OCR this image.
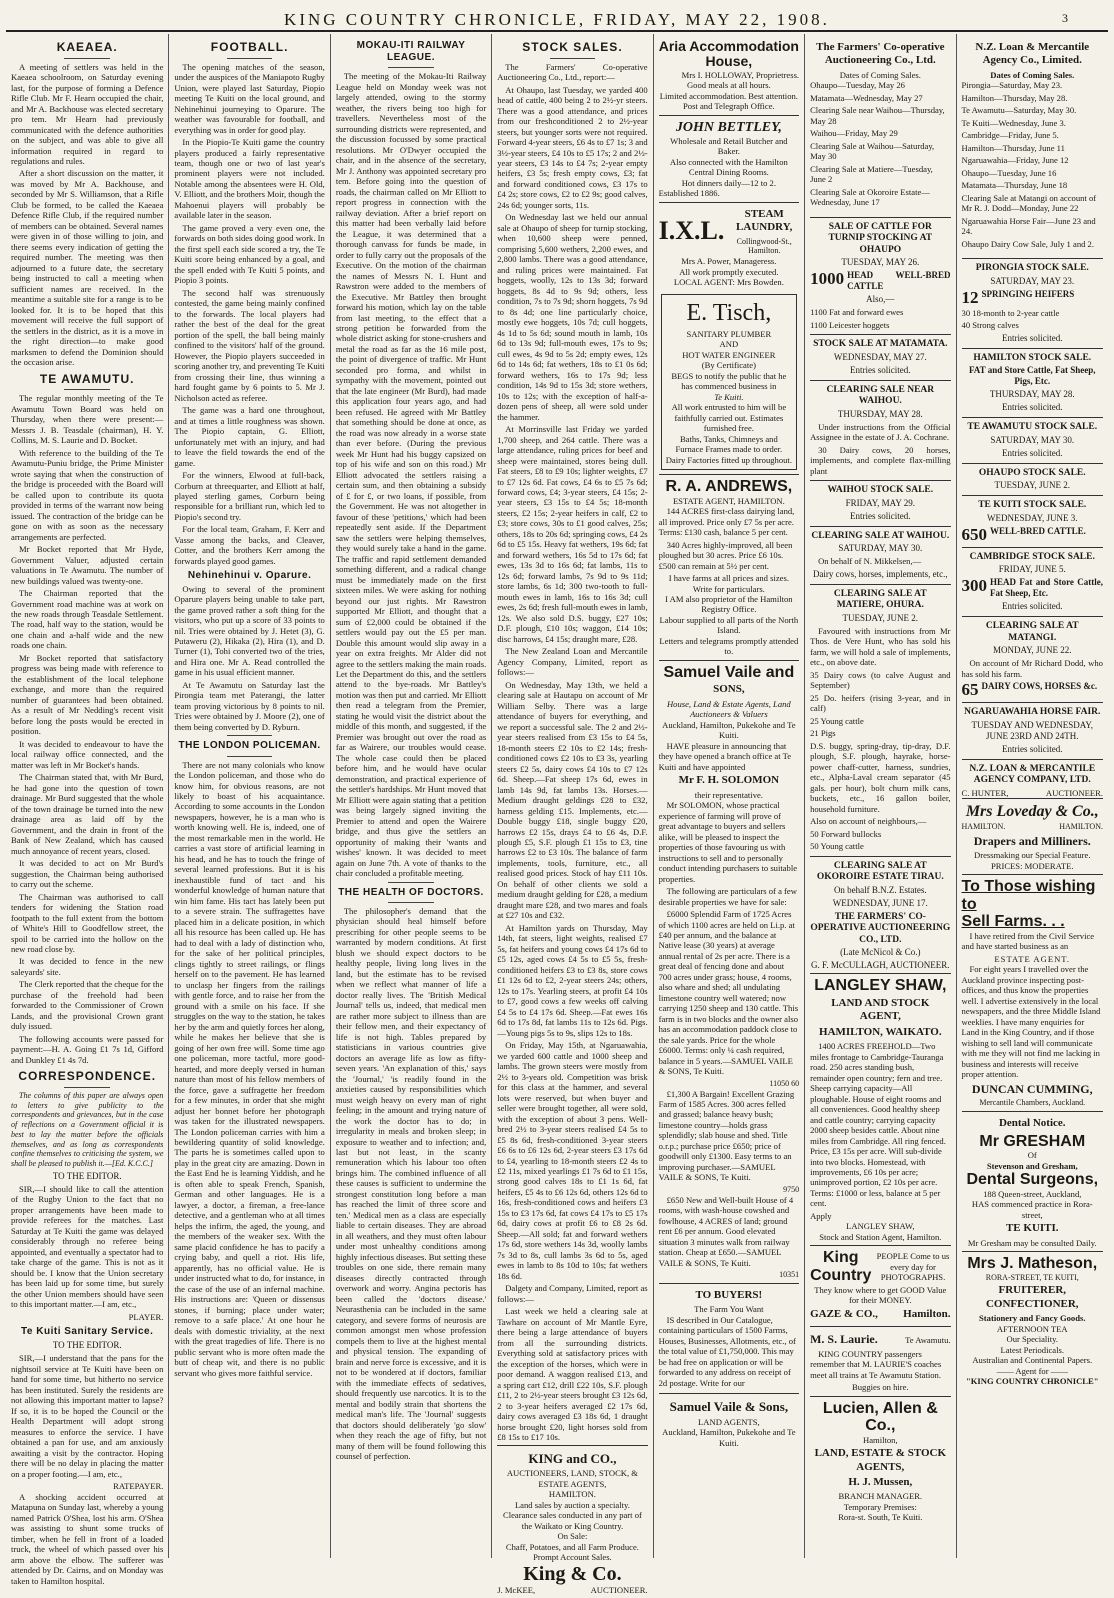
KING COUNTRY CHRONICLE, FRIDAY, MAY 22, 1908.	3
KAEAEA.

A meeting of settlers was held in the Kaeaea schoolroom, on Saturday evening last, for the purpose of forming a Defence Rifle Club. Mr F. Hearn occupied the chair, and Mr A. Backhouse was elected secretary pro tem. Mr Hearn had previously communicated with the defence authorities on the subject, and was able to give all information required in regard to regulations and rules.

After a short discussion on the matter, it was moved by Mr A. Backhouse, and seconded by Mr S. Williamson, that a Rifle Club be formed, to be called the Kaeaea Defence Rifle Club, if the required number of members can be obtained. Several names were given in of those willing to join, and there seems every indication of getting the required number. The meeting was then adjourned to a future date, the secretary being instructed to call a meeting when sufficient names are received. In the meantime a suitable site for a range is to be looked for. It is to be hoped that this movement will receive the full support of the settlers in the district, as it is a move in the right direction—to make good marksmen to defend the Dominion should the occasion arise.

TE AWAMUTU.

The regular monthly meeting of the Te Awamutu Town Board was held on Thursday, when there were present:—Messrs J. B. Teasdale (chairman), H. Y. Collins, M. S. Laurie and D. Bocket.

With reference to the building of the Te Awamutu-Puniu bridge, the Prime Minister wrote saying that when the construction of the bridge is proceeded with the Board will be called upon to contribute its quota provided in terms of the warrant now being issued. The contraction of the bridge can be gone on with as soon as the necessary arrangements are perfected.

Mr Bocket reported that Mr Hyde, Government Valuer, adjusted certain valuations in Te Awamutu. The number of new buildings valued was twenty-one.

The Chairman reported that the Government road machine was at work on the new roads through Teasdale Settlement. The road, half way to the station, would be one chain and a-half wide and the new roads one chain.

Mr Bocket reported that satisfactory progress was being made with reference to the establishment of the local telephone exchange, and more than the required number of guarantees had been obtained. As a result of Mr Nedding's recent visit before long the posts would be erected in position.

It was decided to endeavour to have the local railway office connected, and the matter was left in Mr Bocket's hands.

The Chairman stated that, with Mr Burd, he had gone into the question of town drainage. Mr Burd suggested that the whole of the town drainage be turned into the new drainage area as laid off by the Government, and the drain in front of the Bank of New Zealand, which has caused much annoyance of recent years, closed.

It was decided to act on Mr Burd's suggestion, the Chairman being authorised to carry out the scheme.

The Chairman was authorised to call tenders for widening the Station road footpath to the full extent from the bottom of White's Hill to Goodfellow street, the spoil to be carried into the hollow on the new road close by.

It was decided to fence in the new saleyards' site.

The Clerk reported that the cheque for the purchase of the freehold had been forwarded to the Commissioner of Crown Lands, and the provisional Crown grant duly issued.

The following accounts were passed for payment:—H. A. Going £1 7s 1d, Gifford and Dunkley £1 4s 7d.

CORRESPONDENCE.

The columns of this paper are always open to letters to give publicity to the correspondents and grievances, but in the case of reflections on a Government official it is best to lay the matter before the officials themselves, and as long as correspondents confine themselves to criticising the system, we shall be pleased to publish it.—[Ed. K.C.C.]

TO THE EDITOR.

SIR,—I should like to call the attention of the Rugby Union to the fact that no proper arrangements have been made to provide referees for the matches. Last Saturday at Te Kuiti the game was delayed considerably through no referee being appointed, and eventually a spectator had to take charge of the game. This is not as it should be. I know that the Union secretary has been laid up for some time, but surely the other Union members should have seen to this important matter.—I am, etc.,

PLAYER.
Te Kuiti Sanitary Service.
TO THE EDITOR.

SIR,—I understand that the pans for the nightsoil service at Te Kuiti have been on hand for some time, but hitherto no service has been instituted. Surely the residents are not allowing this important matter to lapse? If so, it is to be hoped the Council or the Health Department will adopt strong measures to enforce the service. I have obtained a pan for use, and am anxiously awaiting a visit by the contractor. Hoping there will be no delay in placing the matter on a proper footing.—I am, etc.,

RATEPAYER.

A shocking accident occurred at Matapuna on Sunday last, whereby a young named Patrick O'Shea, lost his arm. O'Shea was assisting to shunt some trucks of timber, when he fell in front of a loaded truck, the wheel of which passed over his arm above the elbow. The sufferer was attended by Dr. Cairns, and on Monday was taken to Hamilton hospital.

FOOTBALL.

The opening matches of the season, under the auspices of the Maniapoto Rugby Union, were played last Saturday, Piopio meeting Te Kuiti on the local ground, and Nehinehinui journeying to Oparure. The weather was favourable for football, and everything was in order for good play.

In the Piopio-Te Kuiti game the country players produced a fairly representative team, though one or two of last year's prominent players were not included. Notable among the absentees were H. Old, V. Elliott, and the brothers Moir, though the Mahoenui players will probably be available later in the season.

The game proved a very even one, the forwards on both sides doing good work. In the first spell each side scored a try, the Te Kuiti score being enhanced by a goal, and the spell ended with Te Kuiti 5 points, and Piopio 3 points.

The second half was strenuously contested, the game being mainly confined to the forwards. The local players had rather the best of the deal for the great portion of the spell, the ball being mainly confined to the visitors' half of the ground. However, the Piopio players succeeded in scoring another try, and preventing Te Kuiti from crossing their line, thus winning a hard fought game by 6 points to 5. Mr J. Nicholson acted as referee.

The game was a hard one throughout, and at times a little roughness was shown. The Piopio captain, G. Elliott, unfortunately met with an injury, and had to leave the field towards the end of the game.

For the winners, Elwood at full-back, Corburn at threequarter, and Elliott at half, played sterling games, Corburn being responsible for a brilliant run, which led to Piopio's second try.

For the local team, Graham, F. Kerr and Vasse among the backs, and Cleaver, Cotter, and the brothers Kerr among the forwards played good games.

Nehinehinui v. Oparure.

Owing to several of the prominent Oparure players being unable to take part, the game proved rather a soft thing for the visitors, who put up a score of 33 points to nil. Tries were obtained by J. Hetet (3), G. Putaweru (2), Hikaka (2), Hira (1), and D. Turner (1), Tohi converted two of the tries, and Hira one. Mr A. Read controlled the game in his usual efficient manner.

At Te Awamutu on Saturday last the Pirongia team met Paterangi, the latter team proving victorious by 8 points to nil. Tries were obtained by J. Moore (2), one of them being converted by D. Ryburn.

THE LONDON POLICEMAN.

There are not many colonials who know the London policeman, and those who do know him, for obvious reasons, are not likely to boast of his acquaintance. According to some accounts in the London newspapers, however, he is a man who is worth knowing well. He is, indeed, one of the most remarkable men in the world. He carries a vast store of artificial learning in his head, and he has to touch the fringe of several learned professions. But it is his inexhaustible fund of tact and his wonderful knowledge of human nature that win him fame. His tact has lately been put to a severe strain. The suffragettes have placed him in a delicate position, in which all his resource has been called up. He has had to deal with a lady of distinction who, for the sake of her political principles, clings tightly to street railings, or flings herself on to the pavement. He has learned to unclasp her fingers from the railings with gentle force, and to raise her from the ground with a smile on his face. If she struggles on the way to the station, he takes her by the arm and quietly forces her along, while he makes her believe that she is going of her own free will. Some time ago one policeman, more tactful, more good-hearted, and more deeply versed in human nature than most of his fellow members of the force, gave a suffragette her freedom for a few minutes, in order that she might adjust her bonnet before her photograph was taken for the illustrated newspapers. The London policeman carries with him a bewildering quantity of solid knowledge. The parts he is sometimes called upon to play in the great city are amazing. Down in the East End he is learning Yiddish, and he is often able to speak French, Spanish, German and other languages. He is a lawyer, a doctor, a fireman, a free-lance detective, and a gentleman who at all times helps the infirm, the aged, the young, and the members of the weaker sex. With the same placid confidence he has to pacify a crying baby, and quell a riot. His life, apparently, has no official value. He is under instructed what to do, for instance, in the case of the use of an infernal machine. His instructions are: 'Queen or dissensus stones, if burning; place under water; remove to a safe place.' At one hour he deals with domestic triviality, at the next with the great tragedies of life. There is no public servant who is more often made the butt of cheap wit, and there is no public servant who gives more faithful service.

MOKAU-ITI RAILWAY LEAGUE.

The meeting of the Mokau-Iti Railway League held on Monday week was not largely attended, owing to the stormy weather, the rivers being too high for travellers. Nevertheless most of the surrounding districts were represented, and the discussion focussed by some practical resolutions. Mr O'Dwyer occupied the chair, and in the absence of the secretary, Mr J. Anthony was appointed secretary pro tem. Before going into the question of roads, the chairman called on Mr Elliott to report progress in connection with the railway deviation. After a brief report on this matter had been verbally laid before the League, it was determined that a thorough canvass for funds be made, in order to fully carry out the proposals of the Executive. On the motion of the chairman the names of Messrs N. I. Hunt and Rawstron were added to the members of the Executive. Mr Battley then brought forward his motion, which lay on the table from last meeting, to the effect that a strong petition be forwarded from the whole district asking for stone-crushers and metal the road as far as the 16 mile post, the point of divergence of traffic. Mr Hunt seconded pro forma, and whilst in sympathy with the movement, pointed out that the late engineer (Mr Burd), had made this application four years ago, and had been refused. He agreed with Mr Battley that something should be done at once, as the road was now already in a worse state than ever before. (During the previous week Mr Hunt had his buggy capsized on top of his wife and son on this road.) Mr Elliott advocated the settlers raising a certain sum, and then obtaining a subsidy of £ for £, or two loans, if possible, from the Government. He was not altogether in favour of these 'petitions,' which had been repeatedly sent aside. If the Department saw the settlers were helping themselves, they would surely take a hand in the game. The traffic and rapid settlement demanded something different, and a radical change must be immediately made on the first sixteen miles. We were asking for nothing beyond our just rights. Mr Rawstron supported Mr Elliott, and thought that a sum of £2,000 could be obtained if the settlers would pay out the £5 per man. Double this amount would slip away in a year on extra freights. Mr Alder did not agree to the settlers making the main roads. Let the Department do this, and the settlers attend to the bye-roads. Mr Battley's motion was then put and carried. Mr Elliott then read a telegram from the Premier, stating he would visit the district about the middle of this month, and suggested, if the Premier was brought out over the road as far as Wairere, our troubles would cease. The whole case could then be placed before him, and he would have ocular demonstration, and practical experience of the settler's hardships. Mr Hunt moved that Mr Elliott were again stating that a petition was being largely signed inviting the Premier to attend and open the Wairere bridge, and thus give the settlers an opportunity of making their 'wants and wishes' known. It was decided to meet again on June 7th. A vote of thanks to the chair concluded a profitable meeting.

THE HEALTH OF DOCTORS.

The philosopher's demand that the physician should heal himself before prescribing for other people seems to be warranted by modern conditions. At first blush we should expect doctors to be healthy people, living long lives in the land, but the estimate has to be revised when we reflect what manner of life a doctor really lives. The 'British Medical Journal' tells us, indeed, that medical men are rather more subject to illness than are their fellow men, and their expectancy of life is not high. Tables prepared by statisticians in various countries give doctors an average life as low as fifty-seven years. 'An explanation of this,' says the 'Journal,' 'is readily found in the anxieties caused by responsibilities which must weigh heavy on every man of right feeling; in the amount and trying nature of the work the doctor has to do; in irregularity in meals and broken sleep; in exposure to weather and to infection; and, last but not least, in the scanty remuneration which his labour too often brings him. The combined influence of all these causes is sufficient to undermine the strongest constitution long before a man has reached the limit of three score and ten.' Medical men as a class are especially liable to certain diseases. They are abroad in all weathers, and they must often labour under most unhealthy conditions among highly infectious diseases. But setting these troubles on one side, there remain many diseases directly contracted through overwork and worry. Angina pectoris has been called the 'doctors disease.' Neurasthenia can be included in the same category, and severe forms of neurosis are common amongst men whose profession compels them to live at the highest mental and physical tension. The expanding of brain and nerve force is excessive, and it is not to be wondered at if doctors, familiar with the immediate effects of sedatives, should frequently use narcotics. It is to the mental and bodily strain that shortens the medical man's life. The 'Journal' suggests that doctors should deliberately 'go slow' when they reach the age of fifty, but not many of them will be found following this counsel of perfection.

STOCK SALES.

The Farmers' Co-operative Auctioneering Co., Ltd., report:—

At Ohaupo, last Tuesday, we yarded 400 head of cattle, 400 being 2 to 2½-yr steers. There was a good attendance, and prices from our freshconditioned 2 to 2½-year steers, but younger sorts were not required. Forward 4-year steers, £6 4s to £7 1s; 3 and 3½-year steers, £4 10s to £5 17s; 2 and 2½-year steers, £3 14s to £4 7s; 2-year empty heifers, £3 5s; fresh empty cows, £3; fat and forward conditioned cows, £3 17s to £4 2s; store cows, £2 to £2 9s; good calves, 24s 6d; younger sorts, 11s.

On Wednesday last we held our annual sale at Ohaupo of sheep for turnip stocking, when 10,600 sheep were penned, comprising 5,600 wethers, 2,200 ewes, and 2,800 lambs. There was a good attendance, and ruling prices were maintained. Fat hoggets, woolly, 12s to 13s 3d; forward hoggets, 8s 4d to 9s 9d; others, less condition, 7s to 7s 9d; shorn hoggets, 7s 9d to 8s 4d; one line particularly choice, mostly ewe hoggets, 10s 7d; cull hoggets, 4s 1d to 5s 6d; sound mouth in lamb, 10s 6d to 13s 9d; full-mouth ewes, 17s to 9s; cull ewes, 4s 9d to 5s 2d; empty ewes, 12s 6d to 14s 6d; fat wethers, 18s to £1 0s 6d; forward wethers, 16s to 17s 9d; less condition, 14s 9d to 15s 3d; store wethers, 10s to 12s; with the exception of half-a-dozen pens of sheep, all were sold under the hammer.

At Morrinsville last Friday we yarded 1,700 sheep, and 264 cattle. There was a large attendance, ruling prices for beef and sheep were maintained, stores being dull. Fat steers, £8 to £9 10s; lighter weights, £7 to £7 12s 6d. Fat cows, £4 6s to £5 7s 6d; forward cows, £4; 3-year steers, £4 15s; 2-year steers, £3 15s to £4 5s; 18-month steers, £2 15s; 2-year heifers in calf, £2 to £3; store cows, 30s to £1 good calves, 25s; others, 18s to 20s 6d; springing cows, £4 2s 6d to £5 15s. Heavy fat wethers, 19s 6d; fat and forward wethers, 16s 5d to 17s 6d; fat ewes, 13s 3d to 16s 6d; fat lambs, 11s to 12s 6d; forward lambs, 7s 9d to 9s 11d; store lambs, 6s 1d; 300 two-tooth to full-mouth ewes in lamb, 16s to 16s 3d; cull ewes, 2s 6d; fresh full-mouth ewes in lamb, 12s. We also sold D.S. buggy, £27 10s; D.F. plough, £10 10s; waggon, £14 10s; disc harrows, £4 15s; draught mare, £28.

The New Zealand Loan and Mercantile Agency Company, Limited, report as follows:—

On Wednesday, May 13th, we held a clearing sale at Hautapu on account of Mr William Selby. There was a large attendance of buyers for everything, and we report a successful sale. The 2 and 2½-year steers realised from £3 15s to £4 5s, 18-month steers £2 10s to £2 14s; fresh-conditioned cows £2 10s to £3 3s, yearling steers £2 5s, dairy cows £4 10s to £7 12s 6d. Sheep.—Fat sheep 17s 6d, ewes in lamb 14s 9d, fat lambs 13s. Horses.—Medium draught geldings £28 to £32, harness gelding £15. Implements, etc.—Double buggy £18, single buggy £20, harrows £2 15s, drays £4 to £6 4s, D.F. plough £5, S.F. plough £1 15s to £3, tine harrows £2 to £3 10s. The balance of farm implements, tools, furniture, etc., all realised good prices. Stock of hay £11 10s. On behalf of other clients we sold a medium draught gelding for £28, a medium draught mare £28, and two mares and foals at £27 10s and £32.

At Hamilton yards on Thursday, May 14th, fat steers, light weights, realised £7 5s, fat heifers and young cows £4 17s 6d to £5 12s, aged cows £4 5s to £5 5s, fresh-conditioned heifers £3 to £3 8s, store cows £1 12s 6d to £2, 2-year steers 24s; others, 12s to 17s. Yearling steers, at profit £4 10s to £7, good cows a few weeks off calving £4 5s to £4 17s 6d. Sheep.—Fat ewes 16s 6d to 17s 8d, fat lambs 11s to 12s 6d. Pigs.—Young pigs 5s to 9s, slips 12s to 18s.

On Friday, May 15th, at Ngaruawahia, we yarded 600 cattle and 1000 sheep and lambs. The grown steers were mostly from 2½ to 3-years old. Competition was brisk for this class at the hammer, and several lots were reserved, but when buyer and seller were brought together, all were sold, with the exception of about 3 pens. Well-bred 2½ to 3-year steers realised £4 5s to £5 8s 6d, fresh-conditioned 3-year steers £6 6s to £6 12s 6d, 2-year steers £3 17s 6d to £4, yearling to 18-month steers £2 4s to £2 11s, mixed yearlings £1 7s 6d to £1 15s, strong good calves 18s to £1 1s 6d, fat heifers, £5 4s to £6 12s 6d, others 12s 6d to 16s, fresh-conditioned cows and heifers £3 15s to £3 17s 6d, fat cows £4 17s to £5 17s 6d, dairy cows at profit £6 to £8 2s 6d. Sheep.—All sold; fat and forward wethers 17s 6d, store wethers 14s 3d, woolly lambs 7s 3d to 8s, cull lambs 3s 6d to 5s, aged ewes in lamb to 8s 10d to 10s; fat wethers 18s 6d.

Dalgety and Company, Limited, report as follows:—

Last week we held a clearing sale at Tawhare on account of Mr Mantle Eyre, there being a large attendance of buyers from all the surrounding districts. Everything sold at satisfactory prices with the exception of the horses, which were in poor demand. A waggon realised £13, and a spring cart £12, drill £22 10s, S.F. plough £11, 2 to 2½-year steers brought £3 12s 6d, 2 to 3-year heifers averaged £2 17s 6d, dairy cows averaged £3 18s 6d, 1 draught horse brought £20, light horses sold from £8 15s to £17 10s.

KING and CO.,
AUCTIONEERS, LAND, STOCK, & ESTATE AGENTS,
HAMILTON.
Land sales by auction a specialty.
Clearance sales conducted in any part of the Waikato or King Country.
On Sale:
Chaff, Potatoes, and all Farm Produce.
Prompt Account Sales.
King & Co.
J. McKEE,	AUCTIONEER.
Aria Accommodation House,
Mrs I. HOLLOWAY, Proprietress.
Good meals at all hours.
Limited accommodation. Best attention. Post and Telegraph Office.
JOHN BETTLEY,
Wholesale and Retail Butcher and Baker.
Also connected with the Hamilton Central Dining Rooms.
Hot dinners daily—12 to 2.
Established 1886.
I.X.L.
STEAM LAUNDRY,
Collingwood-St., Hamilton.
Mrs A. Power, Manageress.
All work promptly executed.
LOCAL AGENT: Mrs Bowden.
E. Tisch,
SANITARY PLUMBER
AND
HOT WATER ENGINEER
(By Certificate)
BEGS to notify the public that he has commenced business in
Te Kuiti.
All work entrusted to him will be faithfully carried out. Estimates furnished free.
Baths, Tanks, Chimneys and Furnace Frames made to order. Dairy Factories fitted up throughout.
R. A. ANDREWS,
ESTATE AGENT, HAMILTON.

144 ACRES first-class dairying land, all improved. Price only £7 5s per acre. Terms: £130 cash, balance 5 per cent.

340 Acres highly-improved, all been ploughed but 30 acres. Price £6 10s. £500 can remain at 5½ per cent.

I have farms at all prices and sizes. Write for particulars.
I AM also proprietor of the Hamilton Registry Office.
Labour supplied to all parts of the North Island.
Letters and telegrams promptly attended to.
Samuel Vaile and
SONS,
House, Land & Estate Agents, Land Auctioneers & Valuers
Auckland, Hamilton, Pukekohe and Te Kuiti.

HAVE pleasure in announcing that they have opened a branch office at Te Kuiti and have appointed

Mr F. H. SOLOMON
their representative.

Mr SOLOMON, whose practical experience of farming will prove of great advantage to buyers and sellers alike, will be pleased to inspect the properties of those favouring us with instructions to sell and to personally conduct intending purchasers to suitable properties.

The following are particulars of a few desirable properties we have for sale:

£6000 Splendid Farm of 1725 Acres of which 1100 acres are held on Li.p. at £40 per annum, and the balance at Native lease (30 years) at average annual rental of 2s per acre. There is a great deal of fencing done and about 700 acres under grass; house, 4 rooms, also whare and shed; all undulating limestone country well watered; now carrying 1250 sheep and 130 cattle. This farm is in two blocks and the owner also has an accommodation paddock close to the sale yards. Price for the whole £6000. Terms: only ¼ cash required, balance in 5 years.—SAMUEL VAILE & SONS, Te Kuiti.

11050 60

£1,300 A Bargain! Excellent Grazing Farm of 1585 Acres. 300 acres felled and grassed; balance heavy bush; limestone country—holds grass splendidly; slab house and shed. Title o.r.p.; purchase price £650; price of goodwill only £1300. Easy terms to an improving purchaser.—SAMUEL VAILE & SONS, Te Kuiti.

9750

£650 New and Well-built House of 4 rooms, with wash-house cowshed and fowlhouse, 4 ACRES of land; ground rent £6 per annum. Good elevated situation 3 minutes walk from railway station. Cheap at £650.—SAMUEL VAILE & SONS, Te Kuiti.

10351
TO BUYERS!
The Farm You Want

IS described in Our Catalogue, containing particulars of 1500 Farms, Houses, Businesses, Allotments, etc., of the total value of £1,750,000. This may be had free on application or will be forwarded to any address on receipt of 2d postage. Write for our

Samuel Vaile & Sons,
LAND AGENTS,
Auckland, Hamilton, Pukekohe and Te Kuiti.
The Farmers' Co-operative Auctioneering Co., Ltd.
Dates of Coming Sales.

Ohaupo—Tuesday, May 26

Matamata—Wednesday, May 27

Clearing Sale near Waihou—Thursday, May 28

Waihou—Friday, May 29

Clearing Sale at Waihou—Saturday, May 30

Clearing Sale at Matiere—Tuesday, June 2

Clearing Sale at Okoroire Estate—Wednesday, June 17

SALE OF CATTLE FOR TURNIP STOCKING AT OHAUPO
TUESDAY, MAY 26.
1000 HEAD WELL-BRED CATTLE
Also,—

1100 Fat and forward ewes

1100 Leicester hoggets

STOCK SALE AT MATAMATA.
WEDNESDAY, MAY 27.
Entries solicited.
CLEARING SALE NEAR WAIHOU.
THURSDAY, MAY 28.

Under instructions from the Official Assignee in the estate of J. A. Cochrane.

30 Dairy cows, 20 horses, implements, and complete flax-milling plant

WAIHOU STOCK SALE.
FRIDAY, MAY 29.
Entries solicited.
CLEARING SALE AT WAIHOU.
SATURDAY, MAY 30.

On behalf of N. Mikkelsen,—

Dairy cows, horses, implements, etc.,
CLEARING SALE AT MATIERE, OHURA.
TUESDAY, JUNE 2.

Favoured with instructions from Mr Thos. de Vere Hunt, who has sold his farm, we will hold a sale of implements, etc., on above date.

35 Dairy cows (to calve August and September)

25 Do. heifers (rising 3-year, and in calf)

25 Young cattle

21 Pigs

D.S. buggy, spring-dray, tip-dray, D.F. plough, S.F. plough, hayrake, horse-power chaff-cutter, harness, sundries, etc., Alpha-Laval cream separator (45 gals. per hour), bolt churn milk cans, buckets, etc., 16 gallon boiler, household furniture.

Also on account of neighbours,—

50 Forward bullocks

50 Young cattle

CLEARING SALE AT OKOROIRE ESTATE TIRAU.
On behalf B.N.Z. Estates.
WEDNESDAY, JUNE 17.
THE FARMERS' CO-OPERATIVE AUCTIONEERING CO., LTD.
(Late McNicol & Co.)
G. F. McCULLAGH, AUCTIONEER.
LANGLEY SHAW,
LAND AND STOCK AGENT,
HAMILTON, WAIKATO.

1400 ACRES FREEHOLD—Two miles frontage to Cambridge-Tauranga road. 250 acres standing bush, remainder open country; fern and tree. Sheep carrying capacity—All ploughable. House of eight rooms and all conveniences. Good healthy sheep and cattle country; carrying capacity 2000 sheep besides cattle. About nine miles from Cambridge. All ring fenced. Price, £3 15s per acre. Will sub-divide into two blocks. Homestead, with improvements, £6 10s per acre; unimproved portion, £2 10s per acre. Terms: £1000 or less, balance at 5 per cent.

Apply
LANGLEY SHAW,
Stock and Station Agent, Hamilton.
King
Country
PEOPLE Come to us every day for PHOTOGRAPHS.
They know where to get GOOD Value for their MONEY.
GAZE & CO., Hamilton.
M. S. Laurie.	Te Awamutu.

KING COUNTRY passengers remember that M. LAURIE'S coaches meet all trains at Te Awamutu Station.

Buggies on hire.
Lucien, Allen & Co.,
Hamilton,
LAND, ESTATE & STOCK AGENTS,
H. J. Mussen,
BRANCH MANAGER.
Temporary Premises:
Rora-st. South, Te Kuiti.
N.Z. Loan & Mercantile Agency Co., Limited.
Dates of Coming Sales.

Pirongia—Saturday, May 23.

Hamilton—Thursday, May 28.

Te Awamutu—Saturday, May 30.

Te Kuiti—Wednesday, June 3.

Cambridge—Friday, June 5.

Hamilton—Thursday, June 11

Ngaruawahia—Friday, June 12

Ohaupo—Tuesday, June 16

Matamata—Thursday, June 18

Clearing Sale at Matangi on account of Mr R. J. Dodd—Monday, June 22

Ngaruawahia Horse Fair—June 23 and 24.

Ohaupo Dairy Cow Sale, July 1 and 2.

PIRONGIA STOCK SALE.
SATURDAY, MAY 23.
12 SPRINGING HEIFERS

30 18-month to 2-year cattle

40 Strong calves

Entries solicited.
HAMILTON STOCK SALE.
FAT and Store Cattle, Fat Sheep, Pigs, Etc.
THURSDAY, MAY 28.
Entries solicited.
TE AWAMUTU STOCK SALE.
SATURDAY, MAY 30.
Entries solicited.
OHAUPO STOCK SALE.
TUESDAY, JUNE 2.
TE KUITI STOCK SALE.
WEDNESDAY, JUNE 3.
650 WELL-BRED CATTLE.
CAMBRIDGE STOCK SALE.
FRIDAY, JUNE 5.
300 HEAD Fat and Store Cattle, Fat Sheep, Etc.
Entries solicited.
CLEARING SALE AT MATANGI.
MONDAY, JUNE 22.

On account of Mr Richard Dodd, who has sold his farm.

65 DAIRY COWS, HORSES &c.
NGARUAWAHIA HORSE FAIR.
TUESDAY AND WEDNESDAY, JUNE 23RD AND 24TH.
Entries solicited.
N.Z. LOAN & MERCANTILE AGENCY COMPANY, LTD.
C. HUNTER,	AUCTIONEER.
Mrs Loveday & Co.,
HAMILTON.	HAMILTON.
Drapers and Milliners.
Dressmaking our Special Feature.
PRICES: MODERATE.
To Those wishing to
Sell Farms. . .

I have retired from the Civil Service and have started business as an

ESTATE AGENT.

For eight years I travelled over the Auckland province inspecting post-offices, and thus know the properties well. I advertise extensively in the local newspapers, and the three Middle Island weeklies. I have many enquiries for Land in the King Country, and if those wishing to sell land will communicate with me they will not find me lacking in business and interests will receive proper attention.

DUNCAN CUMMING,
Mercantile Chambers, Auckland.
Dental Notice.
Mr GRESHAM
Of
Stevenson and Gresham,
Dental Surgeons,
188 Queen-street, Auckland,
HAS commenced practice in Rora-street,
TE KUITI.
Mr Gresham may be consulted Daily.
Mrs J. Matheson,
RORA-STREET, TE KUITI,
FRUITERER, CONFECTIONER,
Stationery and Fancy Goods.
AFTERNOON TEA
Our Speciality.
Latest Periodicals.
Australian and Continental Papers.
—— Agent for ——
"KING COUNTRY CHRONICLE"
